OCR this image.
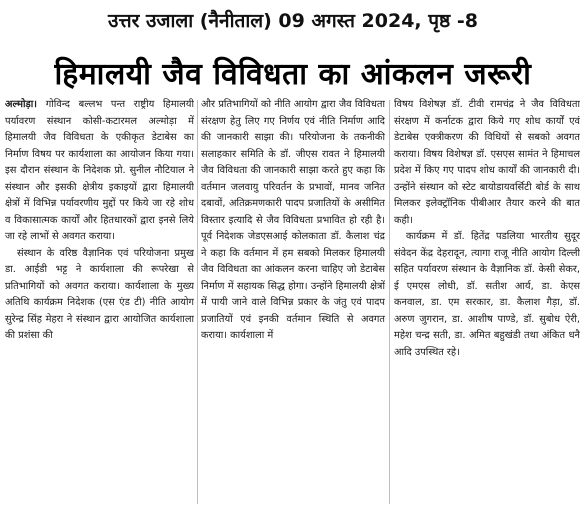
उत्तर उजाला (नैनीताल) 09 अगस्त 2024, पृष्ठ -8
हिमालयी जैव विविधता का आंकलन जरूरी

अल्मोड़ा। गोविन्द बल्लभ पन्त राष्ट्रीय हिमालयी पर्यावरण संस्थान कोसी-कटारमल अल्मोड़ा में हिमालयी जैव विविधता के एकीकृत डेटाबेस का निर्माण विषय पर कार्यशाला का आयोजन किया गया। इस दौरान संस्थान के निदेशक प्रो. सुनील नौटियाल ने संस्थान और इसकी क्षेत्रीय इकाइयों द्वारा हिमालयी क्षेत्रों में विभिन्न पर्यावरणीय मुद्दों पर किये जा रहे शोध व विकासात्मक कार्यों और हितधारकों द्वारा इनसे लिये जा रहे लाभों से अवगत कराया।

संस्थान के वरिष्ठ वैज्ञानिक एवं परियोजना प्रमुख डा. आईडी भट्ट ने कार्यशाला की रूपरेखा से प्रतिभागियों को अवगत कराया। कार्यशाला के मुख्य अतिथि कार्यक्रम निदेशक (एस एंड टी) नीति आयोग सुरेन्द्र सिंह मेहरा ने संस्थान द्वारा आयोजित कार्यशाला की प्रशंसा की

और प्रतिभागियों को नीति आयोग द्वारा जैव विविधता संरक्षण हेतु लिए गए निर्णय एवं नीति निर्माण आदि की जानकारी साझा की। परियोजना के तकनीकी सलाहकार समिति के डॉ. जीएस रावत ने हिमालयी जैव विविधता की जानकारी साझा करते हुए कहा कि वर्तमान जलवायु परिवर्तन के प्रभावों, मानव जनित दबावों, अतिक्रमणकारी पादप प्रजातियों के असीमित विस्तार इत्यादि से जैव विविधता प्रभावित हो रही है। पूर्व निदेशक जेडएसआई कोलकाता डॉ. कैलाश चंद्र ने कहा कि वर्तमान में हम सबको मिलकर हिमालयी जैव विविधता का आंकलन करना चाहिए जो डेटाबेस निर्माण में सहायक सिद्ध होगा। उन्होंने हिमालयी क्षेत्रों में पायी जाने वाले विभिन्न प्रकार के जंतु एवं पादप प्रजातियों एवं इनकी वर्तमान स्थिति से अवगत कराया। कार्यशाला में

विषय विशेषज्ञ डॉ. टीवी रामचंद्र ने जैव विविधता संरक्षण में कर्नाटक द्वारा किये गए शोध कार्यों एवं डेटाबेस एक्त्रीकरण की विधियों से सबको अवगत कराया। विषय विशेषज्ञ डॉ. एसएस सामंत ने हिमाचल प्रदेश में किए गए पादप शोध कार्यों की जानकारी दी। उन्होंने संस्थान को स्टेट बायोडायवर्सिटी बोर्ड के साथ मिलकर इलेक्ट्रॉनिक पीबीआर तैयार करने की बात कही।

कार्यक्रम में डॉ. हितेंद्र पडलिया भारतीय सुदूर संवेदन केंद्र देहरादून, त्यागा राजू नीति आयोग दिल्ली सहित पर्यावरण संस्थान के वैज्ञानिक डॉ. केसी सेकर, ई एमएस लोधी, डॉ. सतीश आर्य, डा. केएस कनवाल, डा. एम सरकार, डा. कैलाश गैड़ा, डॉ. अरुण जुगरान, डा. आशीष पाण्डे, डॉ. सुबोध ऐरी, महेश चन्द्र सती, डा. अमित बहुखंडी तथा अंकित धनै आदि उपस्थित रहे।
